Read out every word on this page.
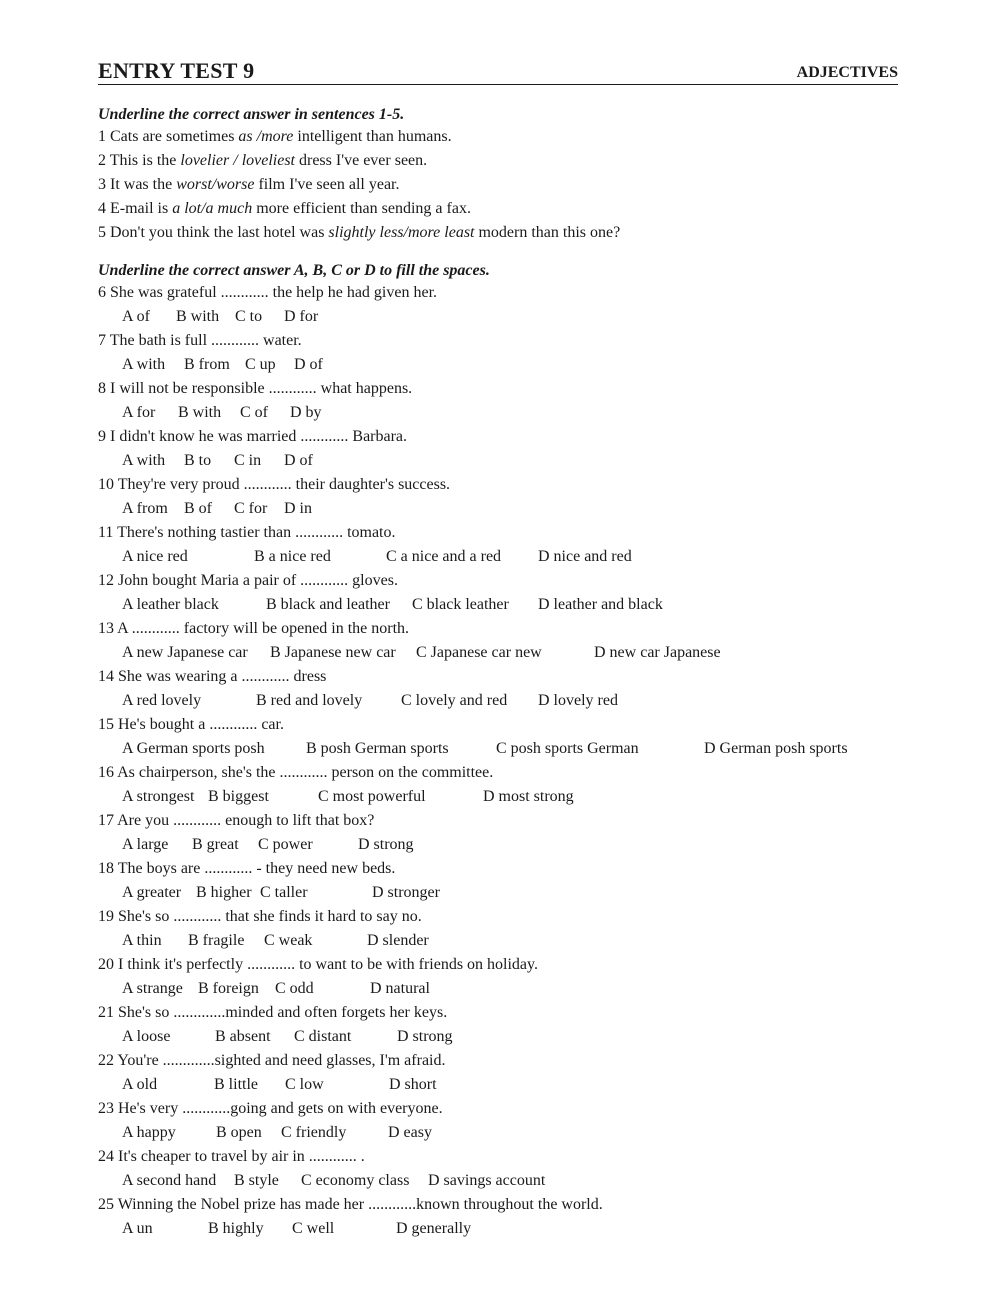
ENTRY TEST 9	ADJECTIVES
Underline the correct answer in sentences 1-5.
1 Cats are sometimes as /more intelligent than humans.
2 This is the lovelier / loveliest dress I've ever seen.
3 It was the worst/worse film I've seen all year.
4 E-mail is a lot/a much more efficient than sending a fax.
5 Don't you think the last hotel was slightly less/more least modern than this one?
Underline the correct answer A, B, C or D to fill the spaces.
6 She was grateful ............ the help he had given her.
A of B with C to D for
7 The bath is full ............ water.
A with B from C up D of
8 I will not be responsible ............ what happens.
A for B with C of D by
9 I didn't know he was married ............ Barbara.
A with B to C in D of
10 They're very proud ............ their daughter's success.
A from B of C for D in
11 There's nothing tastier than ............ tomato.
A nice red	B a nice red	C a nice and a red D nice and red
12 John bought Maria a pair of ............ gloves.
A leather black	B black and leather C black leather D leather and black
13 A ............ factory will be opened in the north.
A new Japanese car B Japanese new car C Japanese car new	D new car Japanese
14 She was wearing a ............ dress
A red lovely	B red and lovely C lovely and red D lovely red
15 He's bought a ............ car.
A German sports posh	B posh German sports	C posh sports German	D German posh sports
16 As chairperson, she's the ............ person on the committee.
A strongest B biggest	C most powerful	D most strong
17 Are you ............ enough to lift that box?
A large B great C power	D strong
18 The boys are ............ - they need new beds.
A greater B higher C taller	D stronger
19 She's so ............ that she finds it hard to say no.
A thin B fragile C weak	D slender
20 I think it's perfectly ............ to want to be with friends on holiday.
A strange B foreign C odd	D natural
21 She's so .............minded and often forgets her keys.
A loose	B absent C distant	D strong
22 You're .............sighted and need glasses, I'm afraid.
A old	B little C low	D short
23 He's very ............going and gets on with everyone.
A happy	B open C friendly	D easy
24 It's cheaper to travel by air in ............ .
A second hand B style C economy class D savings account
25 Winning the Nobel prize has made her ............known throughout the world.
A un	B highly C well	D generally
